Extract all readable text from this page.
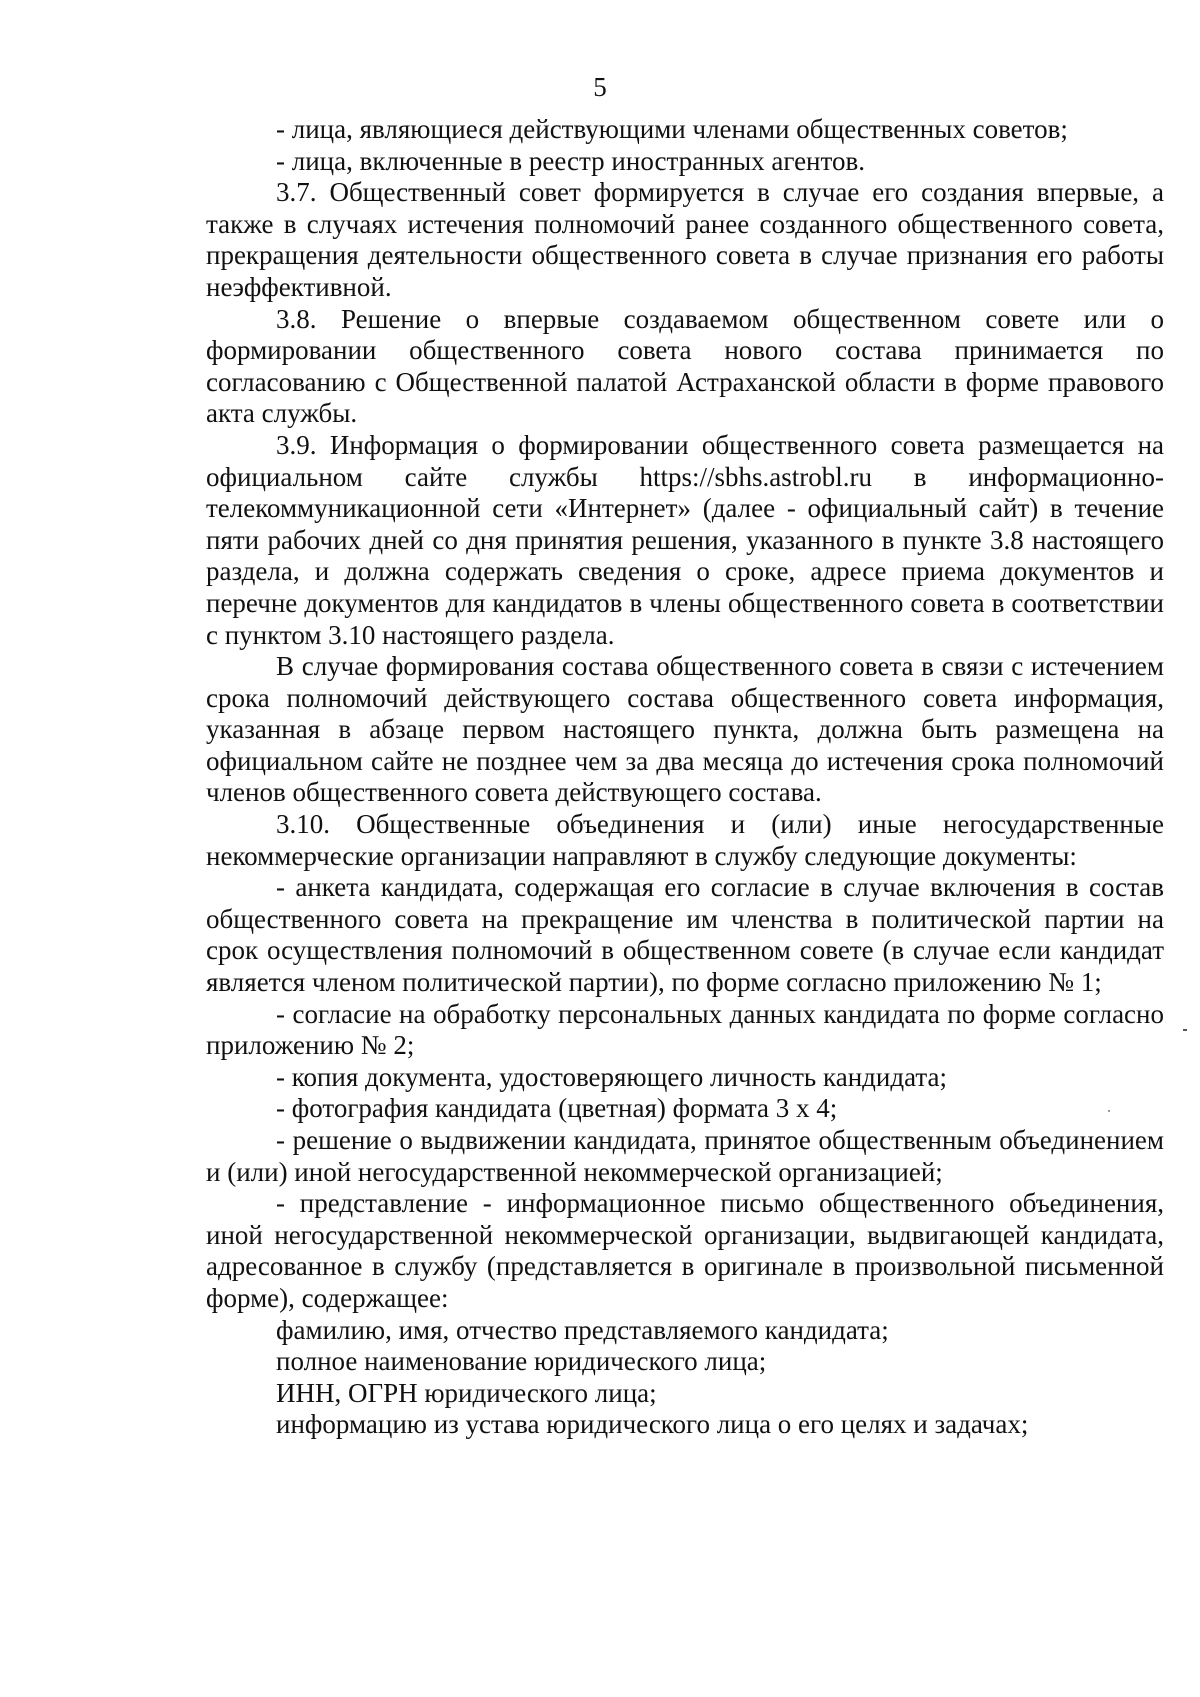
5

- лица, являющиеся действующими членами общественных советов;

- лица, включенные в реестр иностранных агентов.

3.7. Общественный совет формируется в случае его создания впервые, а также в случаях истечения полномочий ранее созданного общественного совета, прекращения деятельности общественного совета в случае признания его работы неэффективной.

3.8. Решение о впервые создаваемом общественном совете или о формировании общественного совета нового состава принимается по согласованию с Общественной палатой Астраханской области в форме правового акта службы.

3.9. Информация о формировании общественного совета размещается на официальном сайте службы https://sbhs.astrobl.ru в информационно-телекоммуникационной сети «Интернет» (далее - официальный сайт) в течение пяти рабочих дней со дня принятия решения, указанного в пункте 3.8 настоящего раздела, и должна содержать сведения о сроке, адресе приема документов и перечне документов для кандидатов в члены общественного совета в соответствии с пунктом 3.10 настоящего раздела.

В случае формирования состава общественного совета в связи с истечением срока полномочий действующего состава общественного совета информация, указанная в абзаце первом настоящего пункта, должна быть размещена на официальном сайте не позднее чем за два месяца до истечения срока полномочий членов общественного совета действующего состава.

3.10. Общественные объединения и (или) иные негосударственные некоммерческие организации направляют в службу следующие документы:

- анкета кандидата, содержащая его согласие в случае включения в состав общественного совета на прекращение им членства в политической партии на срок осуществления полномочий в общественном совете (в случае если кандидат является членом политической партии), по форме согласно приложению № 1;

- согласие на обработку персональных данных кандидата по форме согласно приложению № 2;

- копия документа, удостоверяющего личность кандидата;

- фотография кандидата (цветная) формата 3 х 4;

- решение о выдвижении кандидата, принятое общественным объединением и (или) иной негосударственной некоммерческой организацией;

- представление - информационное письмо общественного объединения, иной негосударственной некоммерческой организации, выдвигающей кандидата, адресованное в службу (представляется в оригинале в произвольной письменной форме), содержащее:

фамилию, имя, отчество представляемого кандидата;

полное наименование юридического лица;

ИНН, ОГРН юридического лица;

информацию из устава юридического лица о его целях и задачах;
